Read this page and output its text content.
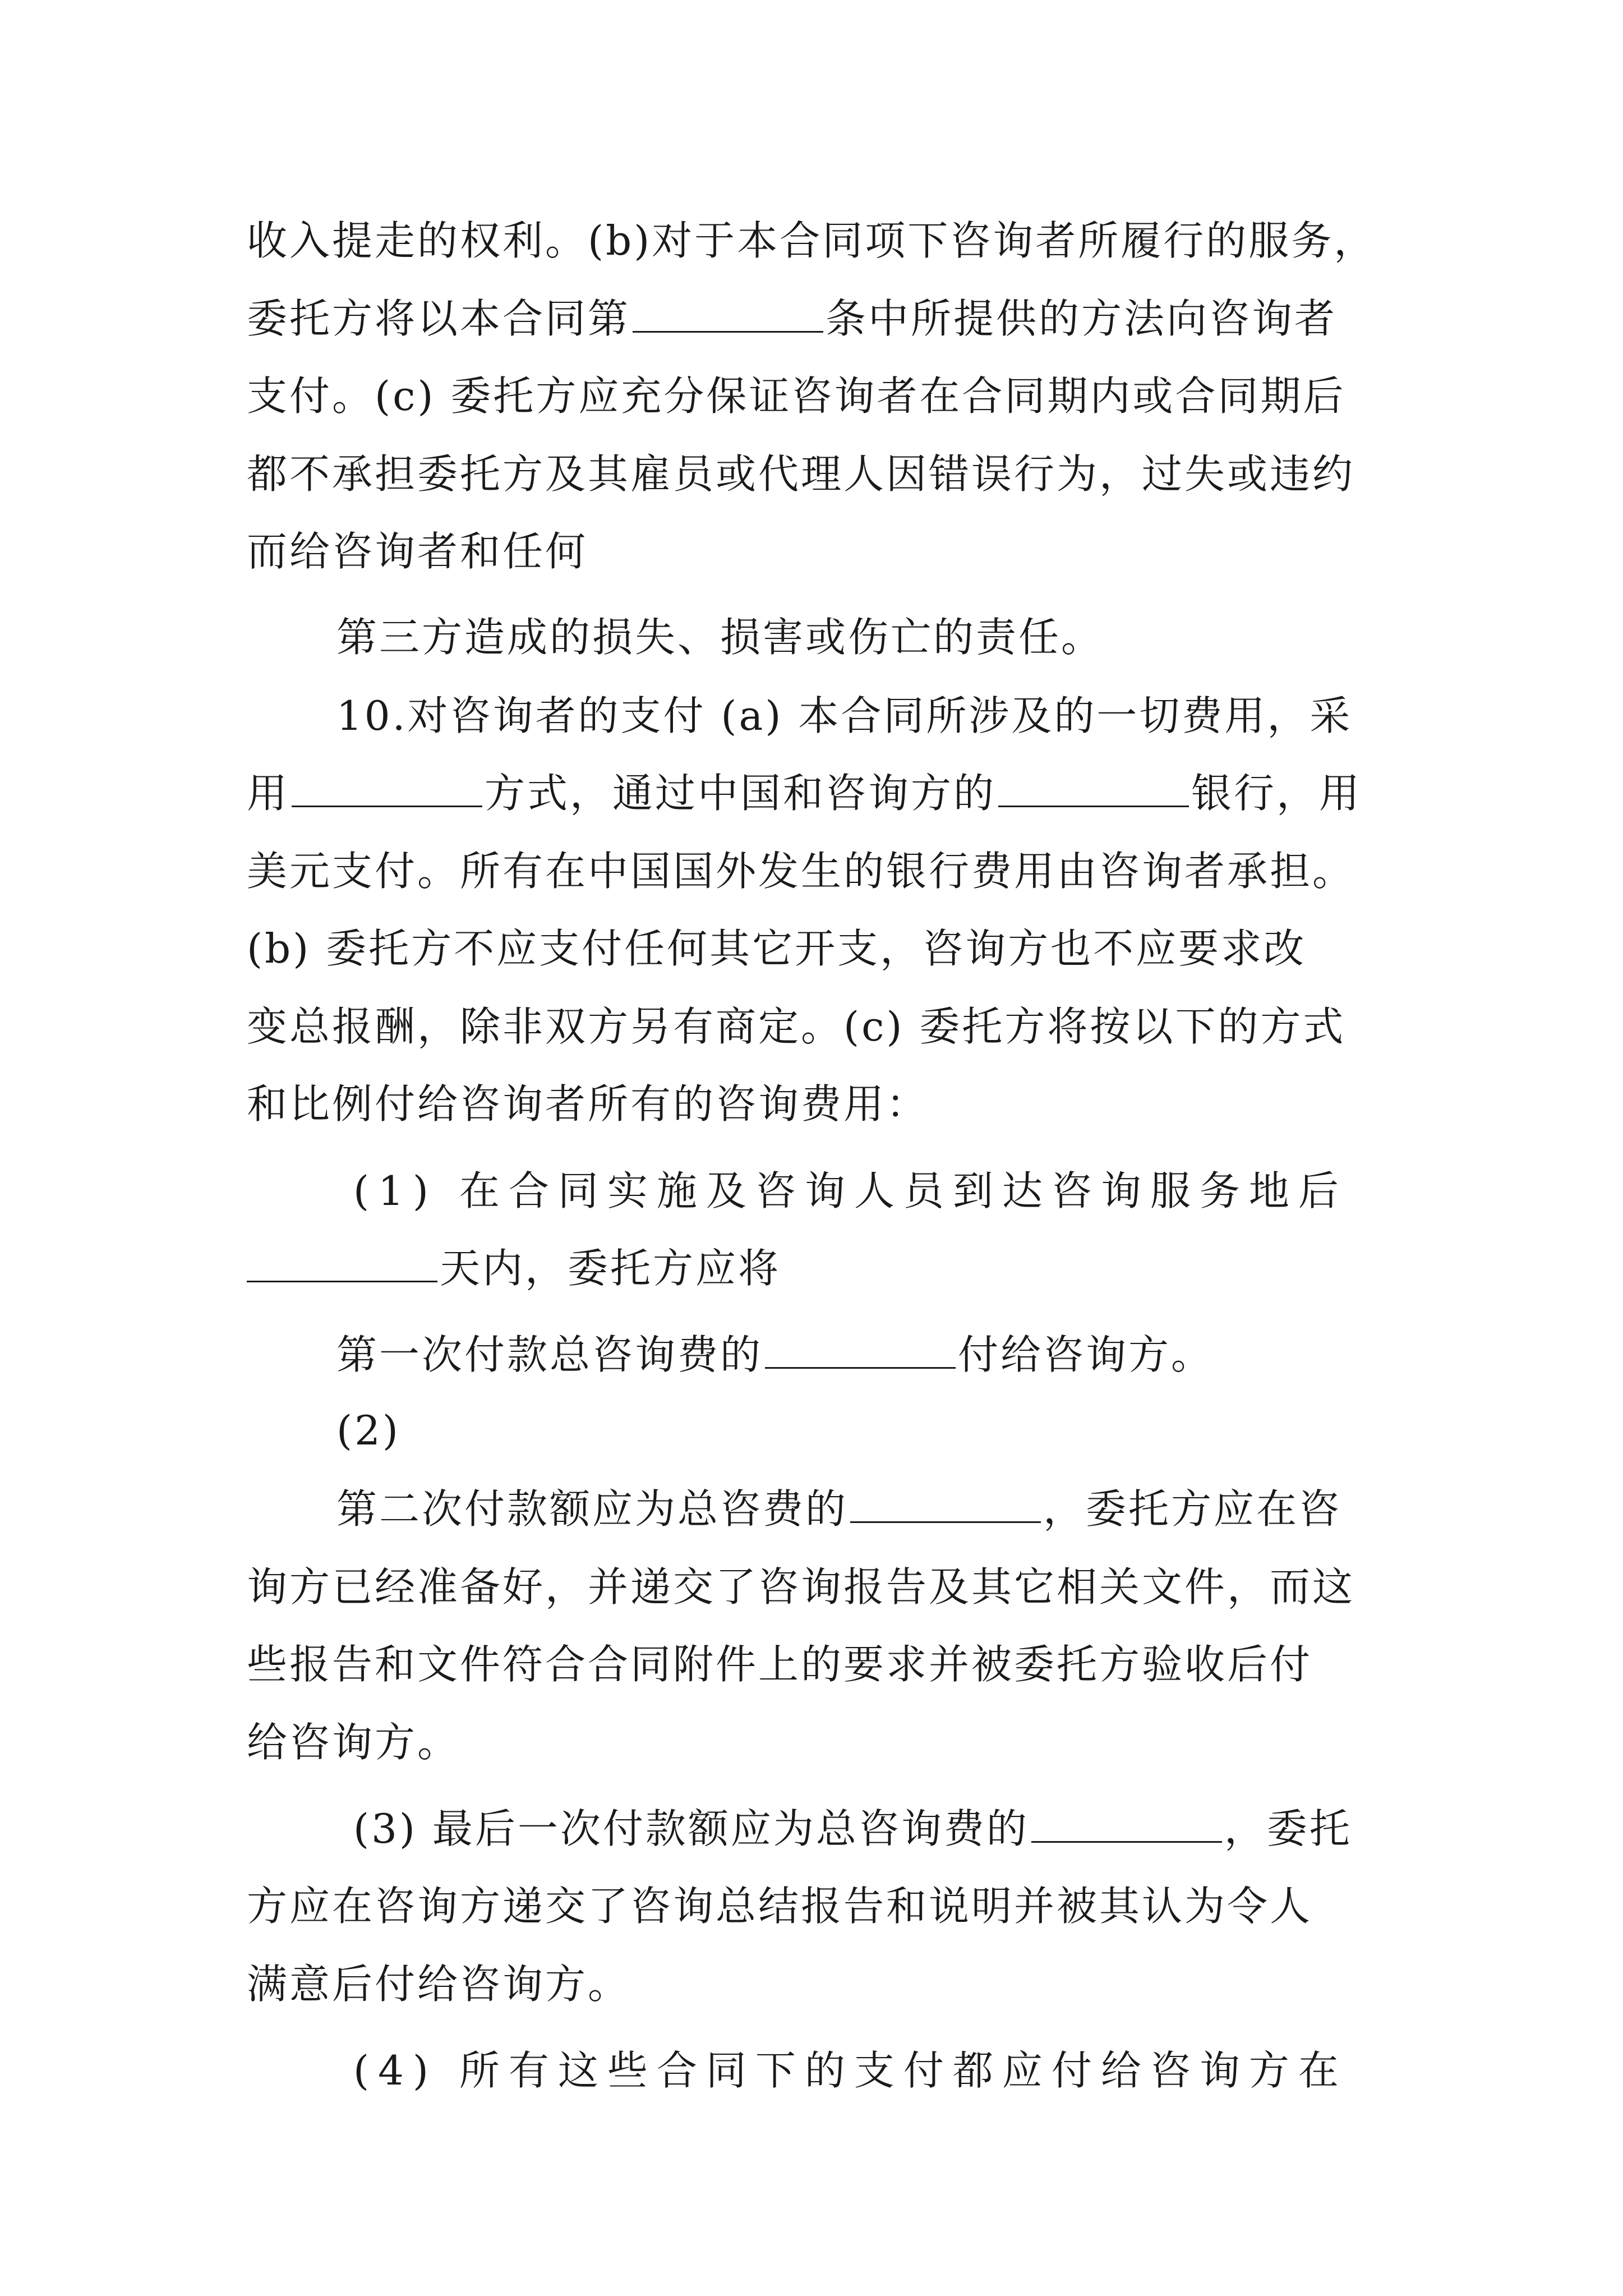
收入提走的权利。(b)对于本合同项下咨询者所履行的服务，
委托方将以本合同第	条中所提供的方法向咨询者
支付。(c) 委托方应充分保证咨询者在合同期内或合同期后
都不承担委托方及其雇员或代理人因错误行为，过失或违约
而给咨询者和任何
第三方造成的损失、损害或伤亡的责任。
10.对咨询者的支付 (a) 本合同所涉及的一切费用，采
用	方式，通过中国和咨询方的	银行，用
美元支付。所有在中国国外发生的银行费用由咨询者承担。
(b) 委托方不应支付任何其它开支，咨询方也不应要求改
变总报酬，除非双方另有商定。(c) 委托方将按以下的方式
和比例付给咨询者所有的咨询费用：
(1) 在合同实施及咨询人员到达咨询服务地后
天内，委托方应将
第一次付款总咨询费的	付给咨询方。
(2)
第二次付款额应为总咨费的	，委托方应在咨
询方已经准备好，并递交了咨询报告及其它相关文件，而这
些报告和文件符合合同附件上的要求并被委托方验收后付
给咨询方。
(3) 最后一次付款额应为总咨询费的	，委托
方应在咨询方递交了咨询总结报告和说明并被其认为令人
满意后付给咨询方。
(4) 所有这些合同下的支付都应付给咨询方在
